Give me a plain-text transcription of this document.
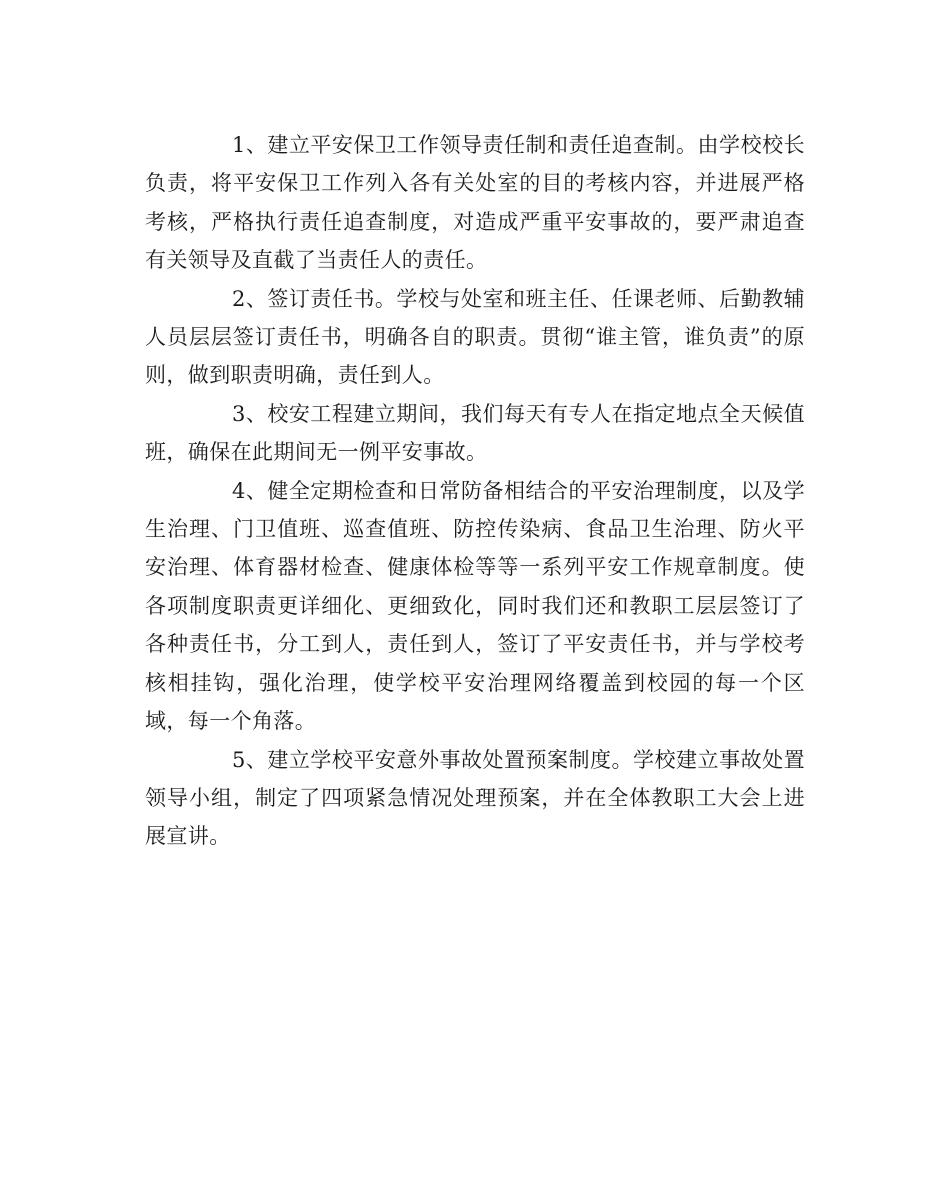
1、建立平安保卫工作领导责任制和责任追查制。由学校校长负责，将平安保卫工作列入各有关处室的目的考核内容，并进展严格考核，严格执行责任追查制度，对造成严重平安事故的，要严肃追查有关领导及直截了当责任人的责任。

2、签订责任书。学校与处室和班主任、任课老师、后勤教辅人员层层签订责任书，明确各自的职责。贯彻“谁主管，谁负责”的原则，做到职责明确，责任到人。

3、校安工程建立期间，我们每天有专人在指定地点全天候值班，确保在此期间无一例平安事故。

4、健全定期检查和日常防备相结合的平安治理制度，以及学生治理、门卫值班、巡查值班、防控传染病、食品卫生治理、防火平安治理、体育器材检查、健康体检等等一系列平安工作规章制度。使各项制度职责更详细化、更细致化，同时我们还和教职工层层签订了各种责任书，分工到人，责任到人，签订了平安责任书，并与学校考核相挂钩，强化治理，使学校平安治理网络覆盖到校园的每一个区域，每一个角落。

5、建立学校平安意外事故处置预案制度。学校建立事故处置领导小组，制定了四项紧急情况处理预案，并在全体教职工大会上进展宣讲。
